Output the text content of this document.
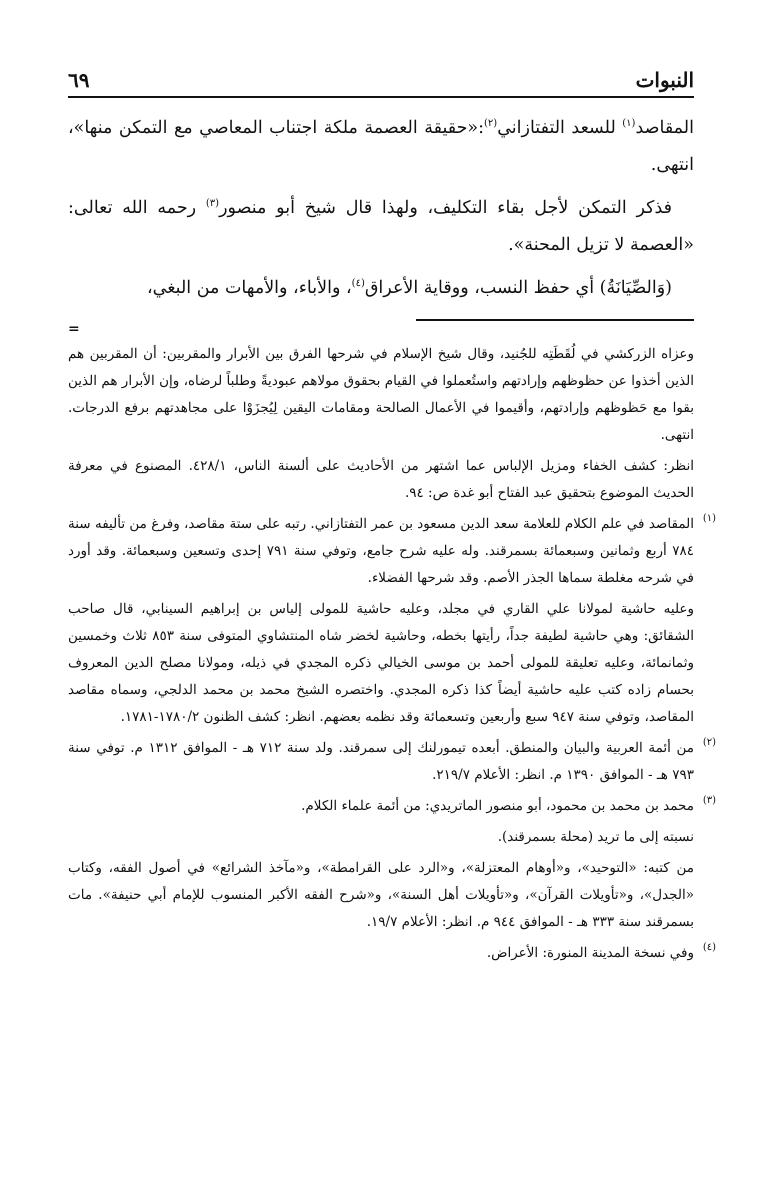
النبوات
٦٩

المقاصد$^{(١)}$ للسعد التفتازاني$^{(٢)}$:«حقيقة العصمة ملكة اجتناب المعاصي مع التمكن منها»، انتهى.

فذكر التمكن لأجل بقاء التكليف، ولهذا قال شيخ أبو منصور$^{(٣)}$ رحمه الله تعالى: «العصمة لا تزيل المحنة».

(وَالصِّيَانَةُ) أي حفظ النسب، ووقاية الأعراق$^{(٤)}$، والأباء، والأمهات من البغي،

=

وعزاه الزركشي في لُقَطَتِه للجُنيد، وقال شيخ الإسلام في شرحها الفرق بين الأبرار والمقربين: أن المقربين هم الذين أخذوا عن حظوظهم وإرادتهم واستُعملوا في القيام بحقوق مولاهم عبوديةً وطلباً لرضاه، وإن الأبرار هم الذين بقوا مع حَظوظهم وإرادتهم، وأقيموا في الأعمال الصالحة ومقامات اليقين لِيُجزَوْا على مجاهدتهم برفع الدرجات. انتهى.

انظر: كشف الخفاء ومزيل الإلباس عما اشتهر من الأحاديث على ألسنة الناس، ٤٢٨/١. المصنوع في معرفة الحديث الموضوع بتحقيق عبد الفتاح أبو غدة ص: ٩٤.

(١)

المقاصد في علم الكلام للعلامة سعد الدين مسعود بن عمر التفتازاني. رتبه على ستة مقاصد، وفرغ من تأليفه سنة ٧٨٤ أربع وثمانين وسبعمائة بسمرقند. وله عليه شرح جامع، وتوفي سنة ٧٩١ إحدى وتسعين وسبعمائة. وقد أورد في شرحه مغلطة سماها الجذر الأصم. وقد شرحها الفضلاء.

وعليه حاشية لمولانا علي القاري في مجلد، وعليه حاشية للمولى إلياس بن إبراهيم السينابي، قال صاحب الشقائق: وهي حاشية لطيفة جداً، رأيتها بخطه، وحاشية لخضر شاه المنتشاوي المتوفى سنة ٨٥٣ ثلاث وخمسين وثمانمائة، وعليه تعليقة للمولى أحمد بن موسى الخيالي ذكره المجدي في ذيله، ومولانا مصلح الدين المعروف بحسام زاده كتب عليه حاشية أيضاً كذا ذكره المجدي. واختصره الشيخ محمد بن محمد الدلجي، وسماه مقاصد المقاصد، وتوفي سنة ٩٤٧ سبع وأربعين وتسعمائة وقد نظمه بعضهم. انظر: كشف الظنون ١٧٨٠/٢-١٧٨١.

(٢)

من أئمة العربية والبيان والمنطق. أبعده تيمورلنك إلى سمرقند. ولد سنة ٧١٢ هـ - الموافق ١٣١٢ م. توفي سنة ٧٩٣ هـ - الموافق ١٣٩٠ م. انظر: الأعلام ٢١٩/٧.

(٣)

محمد بن محمد بن محمود، أبو منصور الماتريدي: من أئمة علماء الكلام.

نسبته إلى ما تريد (محلة بسمرقند).

من كتبه: «التوحيد»، و«أوهام المعتزلة»، و«الرد على القرامطة»، و«مآخذ الشرائع» في أصول الفقه، وكتاب «الجدل»، و«تأويلات القرآن»، و«تأويلات أهل السنة»، و«شرح الفقه الأكبر المنسوب للإمام أبي حنيفة». مات بسمرقند سنة ٣٣٣ هـ - الموافق ٩٤٤ م. انظر: الأعلام ١٩/٧.

(٤)

وفي نسخة المدينة المنورة: الأعراض.
